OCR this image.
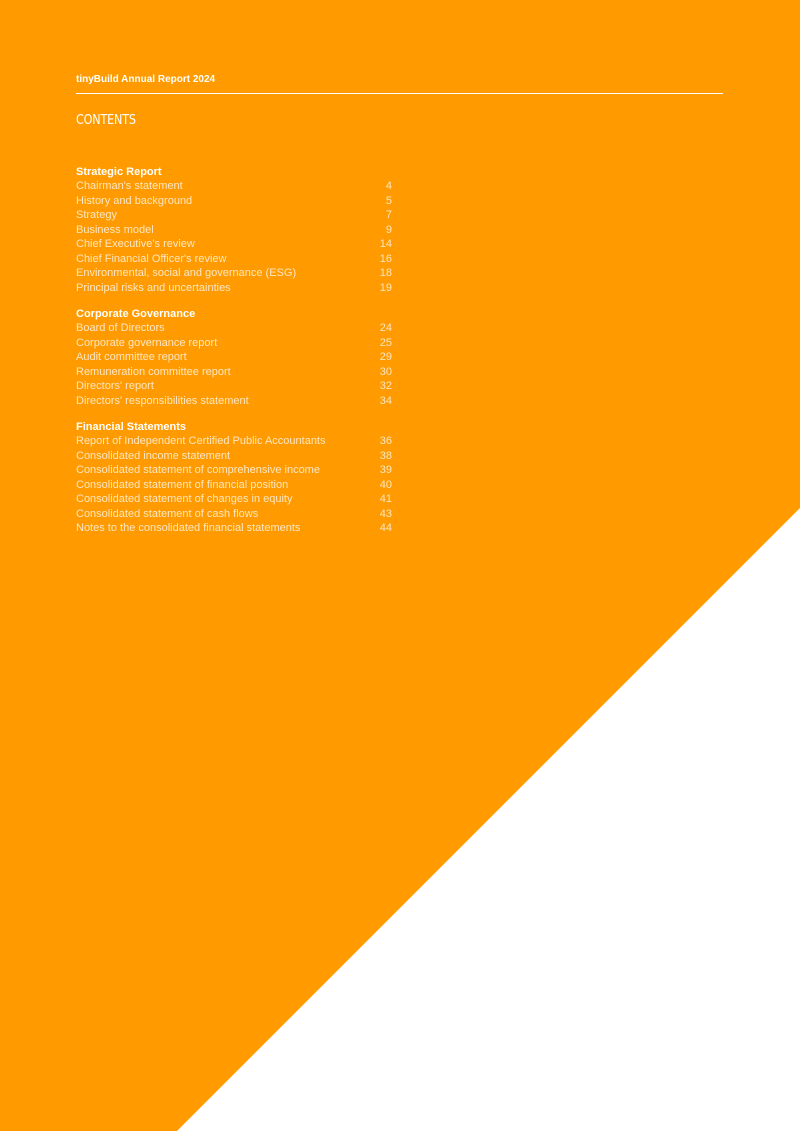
tinyBuild Annual Report 2024
CONTENTS
Strategic Report
Chairman's statement	4
History and background	5
Strategy	7
Business model	9
Chief Executive's review	14
Chief Financial Officer's review	16
Environmental, social and governance (ESG)	18
Principal risks and uncertainties	19
Corporate Governance
Board of Directors	24
Corporate governance report	25
Audit committee report	29
Remuneration committee report	30
Directors' report	32
Directors' responsibilities statement	34
Financial Statements
Report of Independent Certified Public Accountants	36
Consolidated income statement	38
Consolidated statement of comprehensive income	39
Consolidated statement of financial position	40
Consolidated statement of changes in equity	41
Consolidated statement of cash flows	43
Notes to the consolidated financial statements	44
